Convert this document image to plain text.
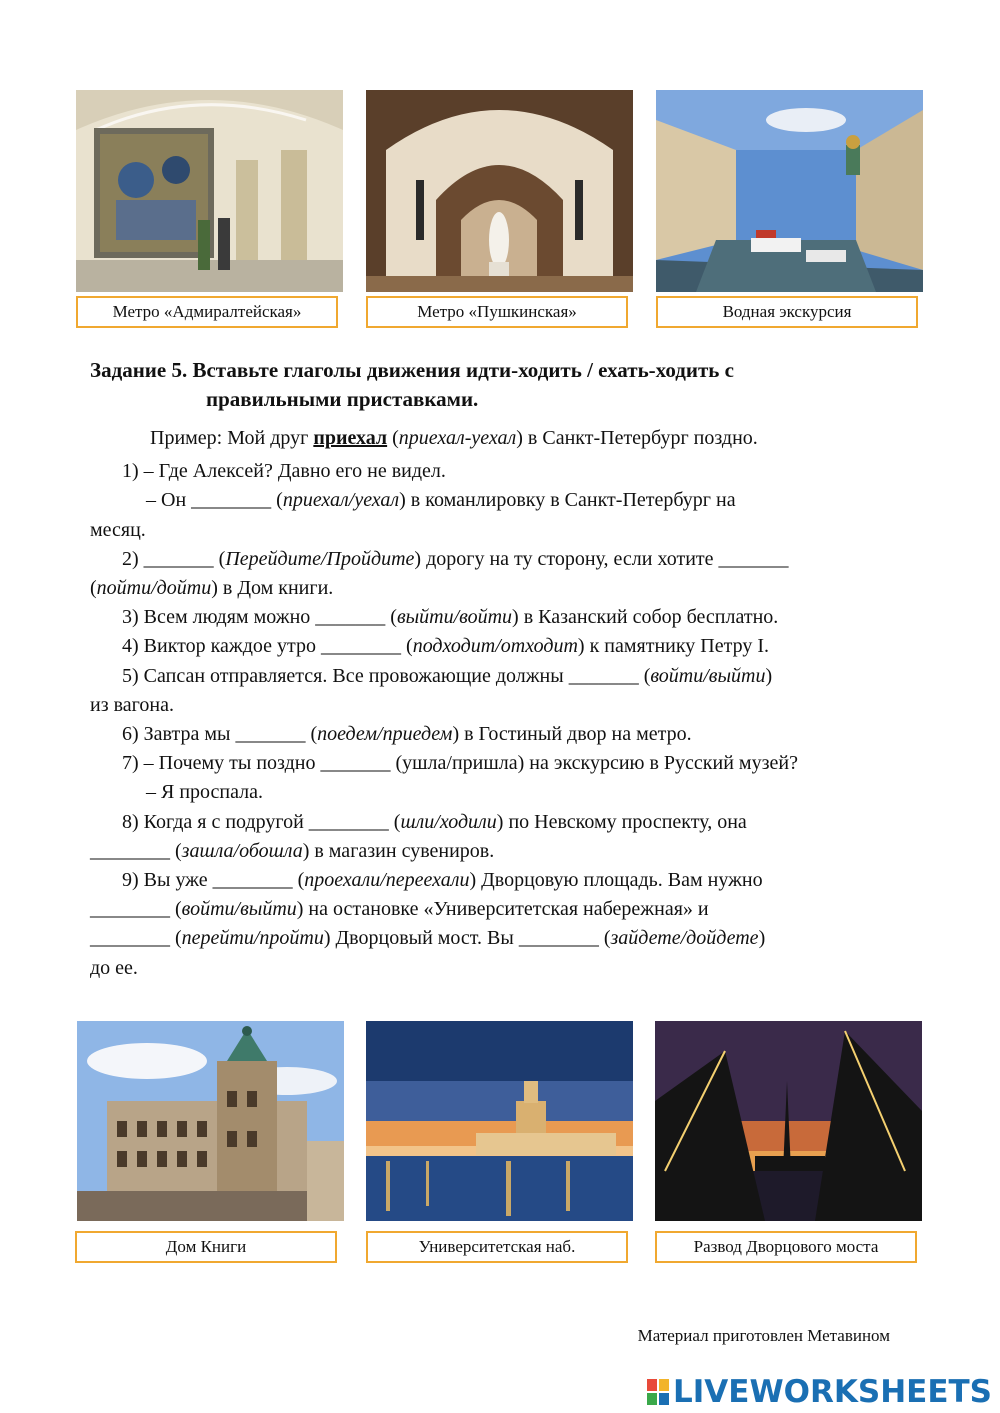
Метро «Адмиралтейская»	Метро «Пушкинская»	Водная экскурсия
Задание 5. Вставьте глаголы движения идти-ходить / ехать-ходить с
правильными приставками.

Пример: Мой друг приехал (приехал-уехал) в Санкт-Петербург поздно.

1) – Где Алексей? Давно его не видел.

– Он ________ (приехал/уехал) в команлировку в Санкт-Петербург на

месяц.

2) _______ (Перейдите/Пройдите) дорогу на ту сторону, если хотите _______

(пойти/дойти) в Дом книги.

3) Всем людям можно _______ (выйти/войти) в Казанский собор бесплатно.

4) Виктор каждое утро ________ (подходит/отходит) к памятнику Петру I.

5) Сапсан отправляется. Все провожающие должны _______ (войти/выйти)

из вагона.

6) Завтра мы _______ (поедем/приедем) в Гостиный двор на метро.

7) – Почему ты поздно _______ (ушла/пришла) на экскурсию в Русский музей?

– Я проспала.

8) Когда я с подругой ________ (шли/ходили) по Невскому проспекту, она

________ (зашла/обошла) в магазин сувениров.

9) Вы уже ________ (проехали/переехали) Дворцовую площадь. Вам нужно

________ (войти/выйти) на остановке «Университетская набережная» и

________ (перейти/пройти) Дворцовый мост. Вы ________ (зайдете/дойдете)

до ее.

Дом Книги	Университетская наб.	Развод Дворцового моста
Материал приготовлен Метавином
LIVEWORKSHEETS
